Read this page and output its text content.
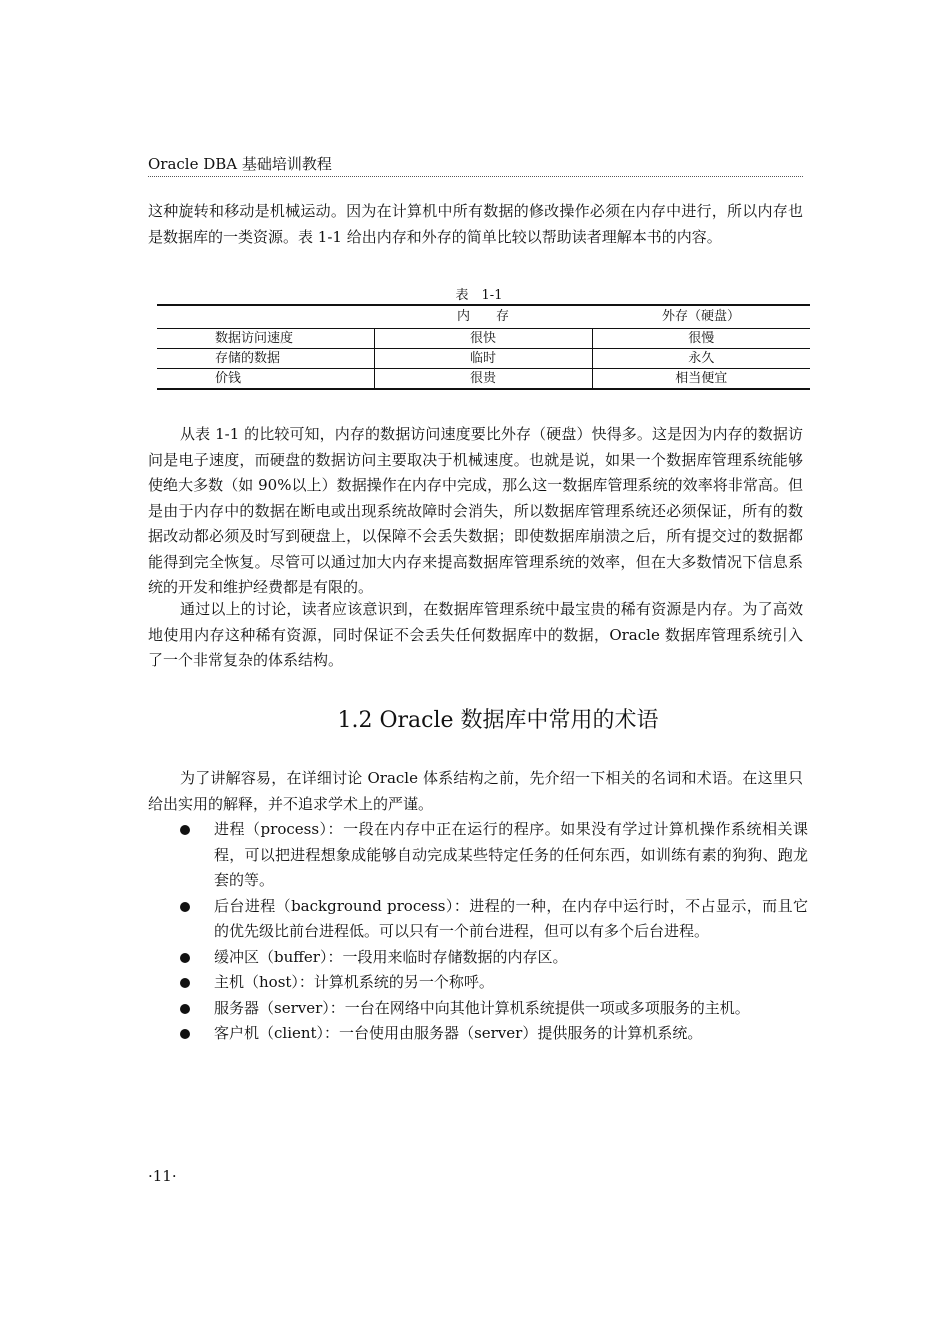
Oracle DBA 基础培训教程

这种旋转和移动是机械运动。因为在计算机中所有数据的修改操作必须在内存中进行，所以内存也是数据库的一类资源。表 1-1 给出内存和外存的简单比较以帮助读者理解本书的内容。

表　1-1
	内　　存	外存（硬盘）
数据访问速度	很快	很慢
存储的数据	临时	永久
价钱	很贵	相当便宜

从表 1-1 的比较可知，内存的数据访问速度要比外存（硬盘）快得多。这是因为内存的数据访问是电子速度，而硬盘的数据访问主要取决于机械速度。也就是说，如果一个数据库管理系统能够使绝大多数（如 90%以上）数据操作在内存中完成，那么这一数据库管理系统的效率将非常高。但是由于内存中的数据在断电或出现系统故障时会消失，所以数据库管理系统还必须保证，所有的数据改动都必须及时写到硬盘上，以保障不会丢失数据；即使数据库崩溃之后，所有提交过的数据都能得到完全恢复。尽管可以通过加大内存来提高数据库管理系统的效率，但在大多数情况下信息系统的开发和维护经费都是有限的。

通过以上的讨论，读者应该意识到，在数据库管理系统中最宝贵的稀有资源是内存。为了高效地使用内存这种稀有资源，同时保证不会丢失任何数据库中的数据，Oracle 数据库管理系统引入了一个非常复杂的体系结构。

1.2 Oracle 数据库中常用的术语

为了讲解容易，在详细讨论 Oracle 体系结构之前，先介绍一下相关的名词和术语。在这里只给出实用的解释，并不追求学术上的严谨。

进程（process）：一段在内存中正在运行的程序。如果没有学过计算机操作系统相关课程，可以把进程想象成能够自动完成某些特定任务的任何东西，如训练有素的狗狗、跑龙套的等。
后台进程（background process）：进程的一种，在内存中运行时，不占显示，而且它的优先级比前台进程低。可以只有一个前台进程，但可以有多个后台进程。
缓冲区（buffer）：一段用来临时存储数据的内存区。
主机（host）：计算机系统的另一个称呼。
服务器（server）：一台在网络中向其他计算机系统提供一项或多项服务的主机。
客户机（client）：一台使用由服务器（server）提供服务的计算机系统。
·11·
